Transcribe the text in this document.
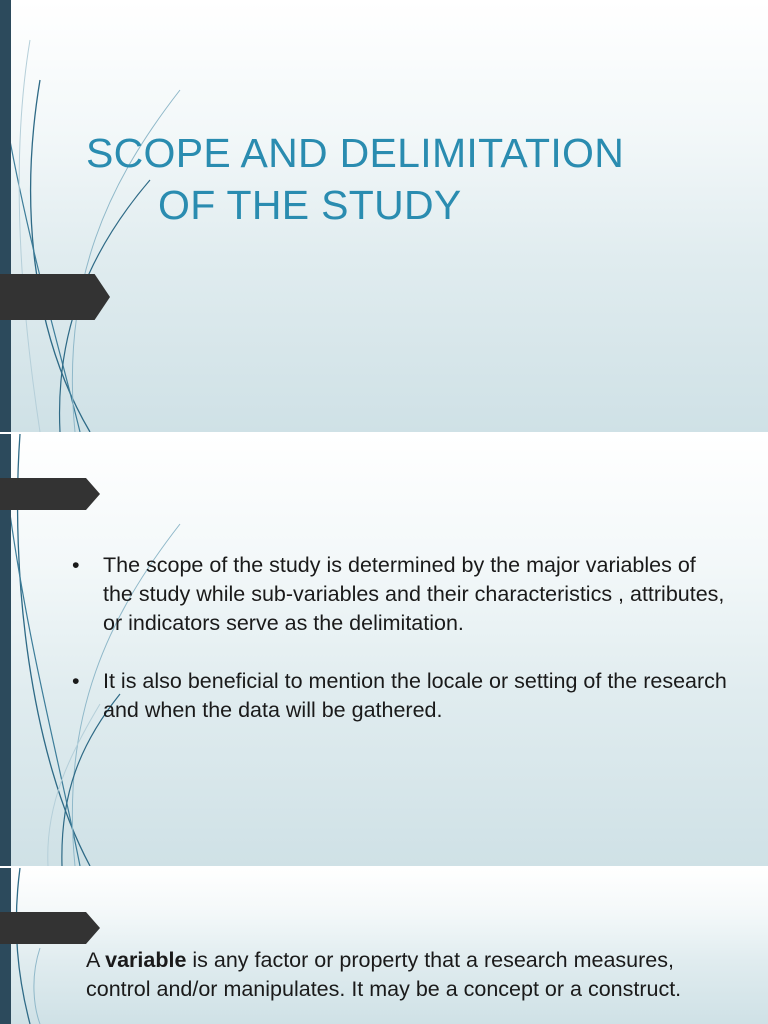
SCOPE AND DELIMITATION
OF THE STUDY
• The scope of the study is determined by the major variables of the study while sub-variables and their characteristics , attributes, or indicators serve as the delimitation.
• It is also beneficial to mention the locale or setting of the research and when the data will be gathered.

A variable is any factor or property that a research measures, control and/or manipulates. It may be a concept or a construct.
